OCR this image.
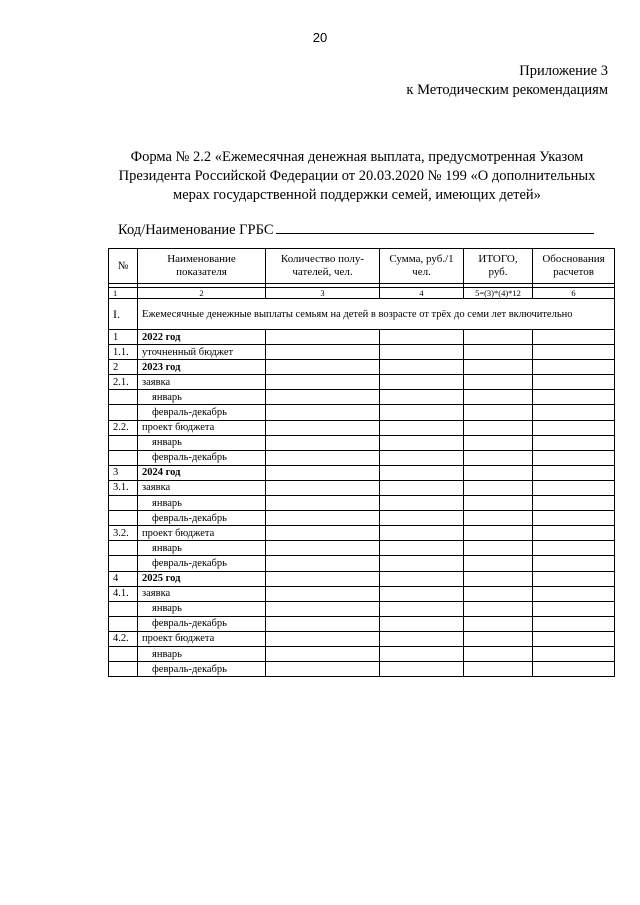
20
Приложение 3
к Методическим рекомендациям
Форма № 2.2 «Ежемесячная денежная выплата, предусмотренная Указом
Президента Российской Федерации от 20.03.2020 № 199 «О дополнительных
мерах государственной поддержки семей, имеющих детей»
Код/Наименование ГРБС
№	Наименование показателя	Количество полу-чателей, чел.	Сумма, руб./1 чел.	ИТОГО, руб.	Обоснования расчетов

1	2	3	4	5=(3)*(4)*12	6
I.	Ежемесячные денежные выплаты семьям на детей в возрасте от трёх до семи лет включительно				
1	2022 год				
1.1.	уточненный бюджет				
2	2023 год				
2.1.	заявка				
	январь				
	февраль-декабрь				
2.2.	проект бюджета				
	январь				
	февраль-декабрь				
3	2024 год				
3.1.	заявка				
	январь				
	февраль-декабрь				
3.2.	проект бюджета				
	январь				
	февраль-декабрь				
4	2025 год				
4.1.	заявка				
	январь				
	февраль-декабрь				
4.2.	проект бюджета				
	январь				
	февраль-декабрь				
